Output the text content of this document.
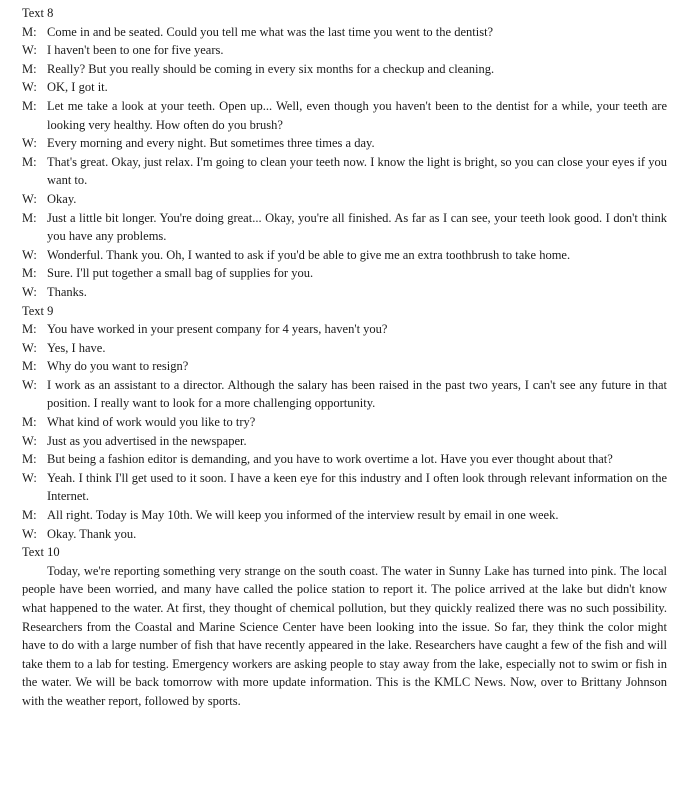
Text 8

M: Come in and be seated. Could you tell me what was the last time you went to the dentist?

W: I haven't been to one for five years.

M: Really? But you really should be coming in every six months for a checkup and cleaning.

W: OK, I got it.

M: Let me take a look at your teeth. Open up... Well, even though you haven't been to the dentist for a while, your teeth are looking very healthy. How often do you brush?

W: Every morning and every night. But sometimes three times a day.

M: That's great. Okay, just relax. I'm going to clean your teeth now. I know the light is bright, so you can close your eyes if you want to.

W: Okay.

M: Just a little bit longer. You're doing great... Okay, you're all finished. As far as I can see, your teeth look good. I don't think you have any problems.

W: Wonderful. Thank you. Oh, I wanted to ask if you'd be able to give me an extra toothbrush to take home.

M: Sure. I'll put together a small bag of supplies for you.

W: Thanks.

Text 9

M: You have worked in your present company for 4 years, haven't you?

W: Yes, I have.

M: Why do you want to resign?

W: I work as an assistant to a director. Although the salary has been raised in the past two years, I can't see any future in that position. I really want to look for a more challenging opportunity.

M: What kind of work would you like to try?

W: Just as you advertised in the newspaper.

M: But being a fashion editor is demanding, and you have to work overtime a lot. Have you ever thought about that?

W: Yeah. I think I'll get used to it soon. I have a keen eye for this industry and I often look through relevant information on the Internet.

M: All right. Today is May 10th. We will keep you informed of the interview result by email in one week.

W: Okay. Thank you.

Text 10

Today, we're reporting something very strange on the south coast. The water in Sunny Lake has turned into pink. The local people have been worried, and many have called the police station to report it. The police arrived at the lake but didn't know what happened to the water. At first, they thought of chemical pollution, but they quickly realized there was no such possibility. Researchers from the Coastal and Marine Science Center have been looking into the issue. So far, they think the color might have to do with a large number of fish that have recently appeared in the lake. Researchers have caught a few of the fish and will take them to a lab for testing. Emergency workers are asking people to stay away from the lake, especially not to swim or fish in the water. We will be back tomorrow with more update information. This is the KMLC News. Now, over to Brittany Johnson with the weather report, followed by sports.
